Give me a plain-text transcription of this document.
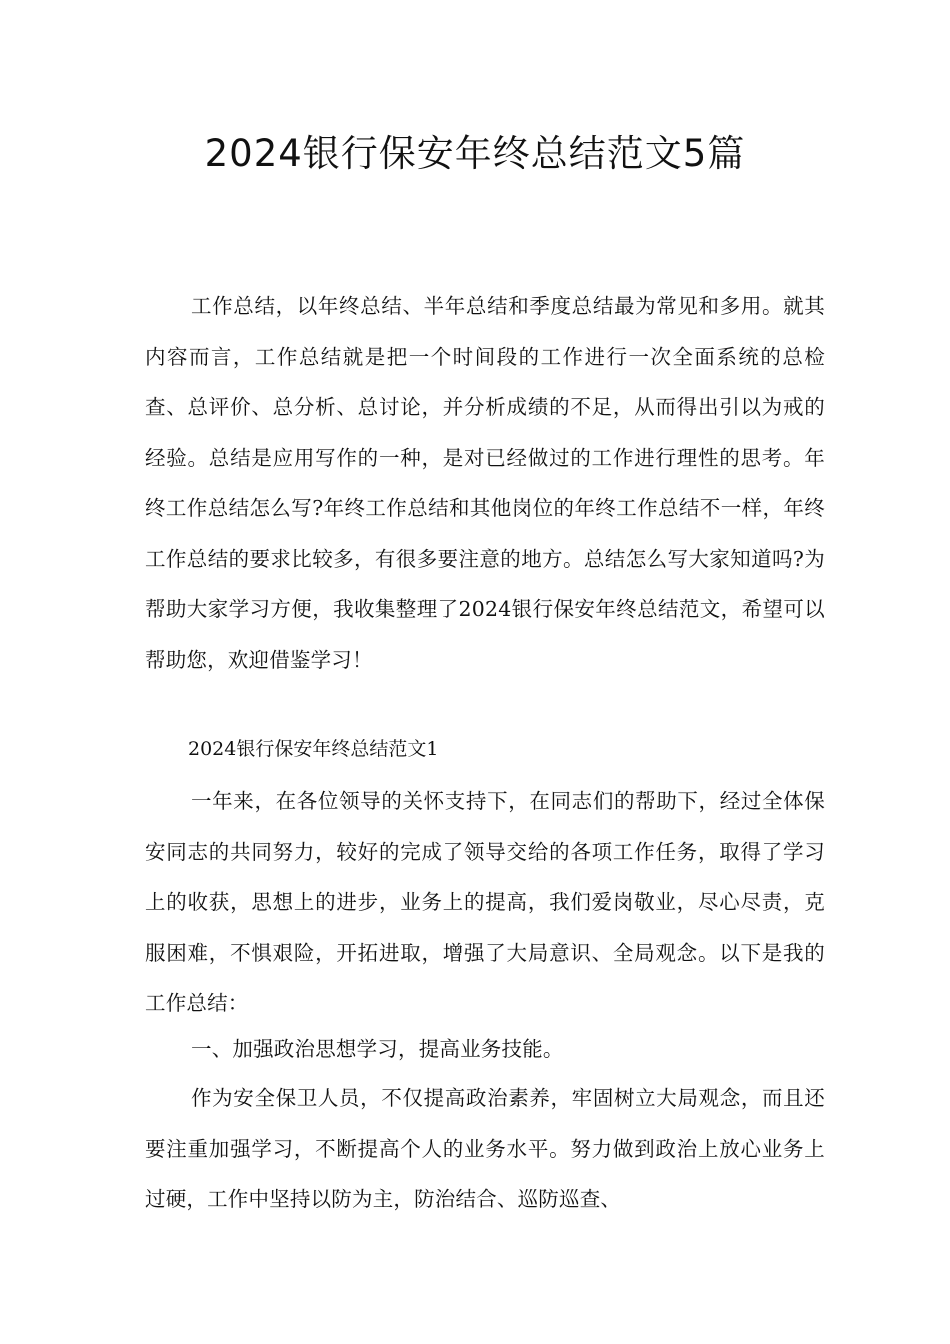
2024银行保安年终总结范文5篇

工作总结，以年终总结、半年总结和季度总结最为常见和多用。就其内容而言，工作总结就是把一个时间段的工作进行一次全面系统的总检查、总评价、总分析、总讨论，并分析成绩的不足，从而得出引以为戒的经验。总结是应用写作的一种，是对已经做过的工作进行理性的思考。年终工作总结怎么写?年终工作总结和其他岗位的年终工作总结不一样，年终工作总结的要求比较多，有很多要注意的地方。总结怎么写大家知道吗?为帮助大家学习方便，我收集整理了2024银行保安年终总结范文，希望可以帮助您，欢迎借鉴学习！

2024银行保安年终总结范文1

一年来，在各位领导的关怀支持下，在同志们的帮助下，经过全体保安同志的共同努力，较好的完成了领导交给的各项工作任务，取得了学习上的收获，思想上的进步，业务上的提高，我们爱岗敬业，尽心尽责，克服困难，不惧艰险，开拓进取，增强了大局意识、全局观念。以下是我的工作总结：

一、加强政治思想学习，提高业务技能。

作为安全保卫人员，不仅提高政治素养，牢固树立大局观念，而且还要注重加强学习，不断提高个人的业务水平。努力做到政治上放心业务上过硬，工作中坚持以防为主，防治结合、巡防巡查、
